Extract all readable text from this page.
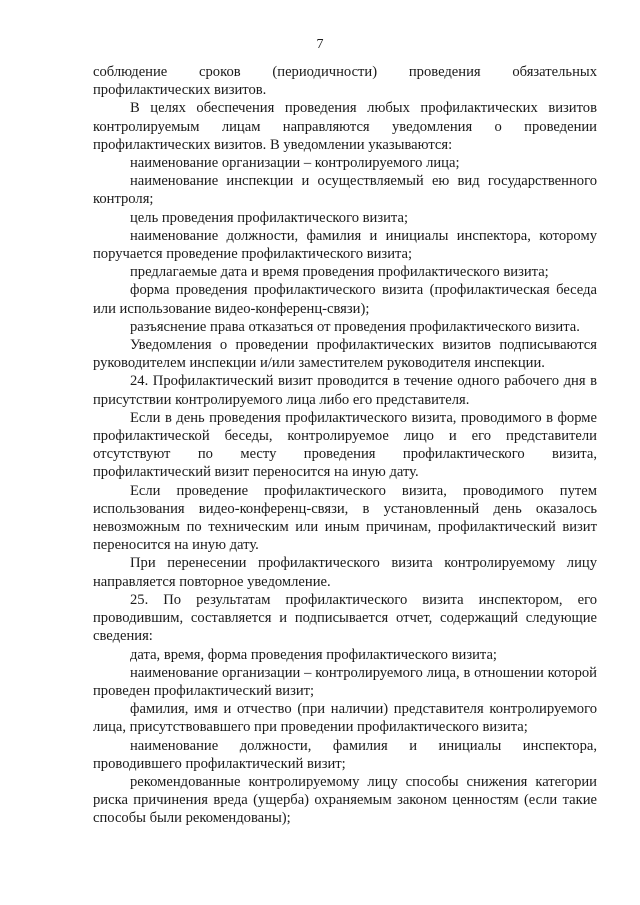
7

соблюдение сроков (периодичности) проведения обязательных профилактических визитов.

В целях обеспечения проведения любых профилактических визитов контролируемым лицам направляются уведомления о проведении профилактических визитов. В уведомлении указываются:

наименование организации – контролируемого лица;

наименование инспекции и осуществляемый ею вид государственного контроля;

цель проведения профилактического визита;

наименование должности, фамилия и инициалы инспектора, которому поручается проведение профилактического визита;

предлагаемые дата и время проведения профилактического визита;

форма проведения профилактического визита (профилактическая беседа или использование видео-конференц-связи);

разъяснение права отказаться от проведения профилактического визита.

Уведомления о проведении профилактических визитов подписываются руководителем инспекции и/или заместителем руководителя инспекции.

24. Профилактический визит проводится в течение одного рабочего дня в присутствии контролируемого лица либо его представителя.

Если в день проведения профилактического визита, проводимого в форме профилактической беседы, контролируемое лицо и его представители отсутствуют по месту проведения профилактического визита, профилактический визит переносится на иную дату.

Если проведение профилактического визита, проводимого путем использования видео-конференц-связи, в установленный день оказалось невозможным по техническим или иным причинам, профилактический визит переносится на иную дату.

При перенесении профилактического визита контролируемому лицу направляется повторное уведомление.

25. По результатам профилактического визита инспектором, его проводившим, составляется и подписывается отчет, содержащий следующие сведения:

дата, время, форма проведения профилактического визита;

наименование организации – контролируемого лица, в отношении которой проведен профилактический визит;

фамилия, имя и отчество (при наличии) представителя контролируемого лица, присутствовавшего при проведении профилактического визита;

наименование должности, фамилия и инициалы инспектора, проводившего профилактический визит;

рекомендованные контролируемому лицу способы снижения категории риска причинения вреда (ущерба) охраняемым законом ценностям (если такие способы были рекомендованы);
